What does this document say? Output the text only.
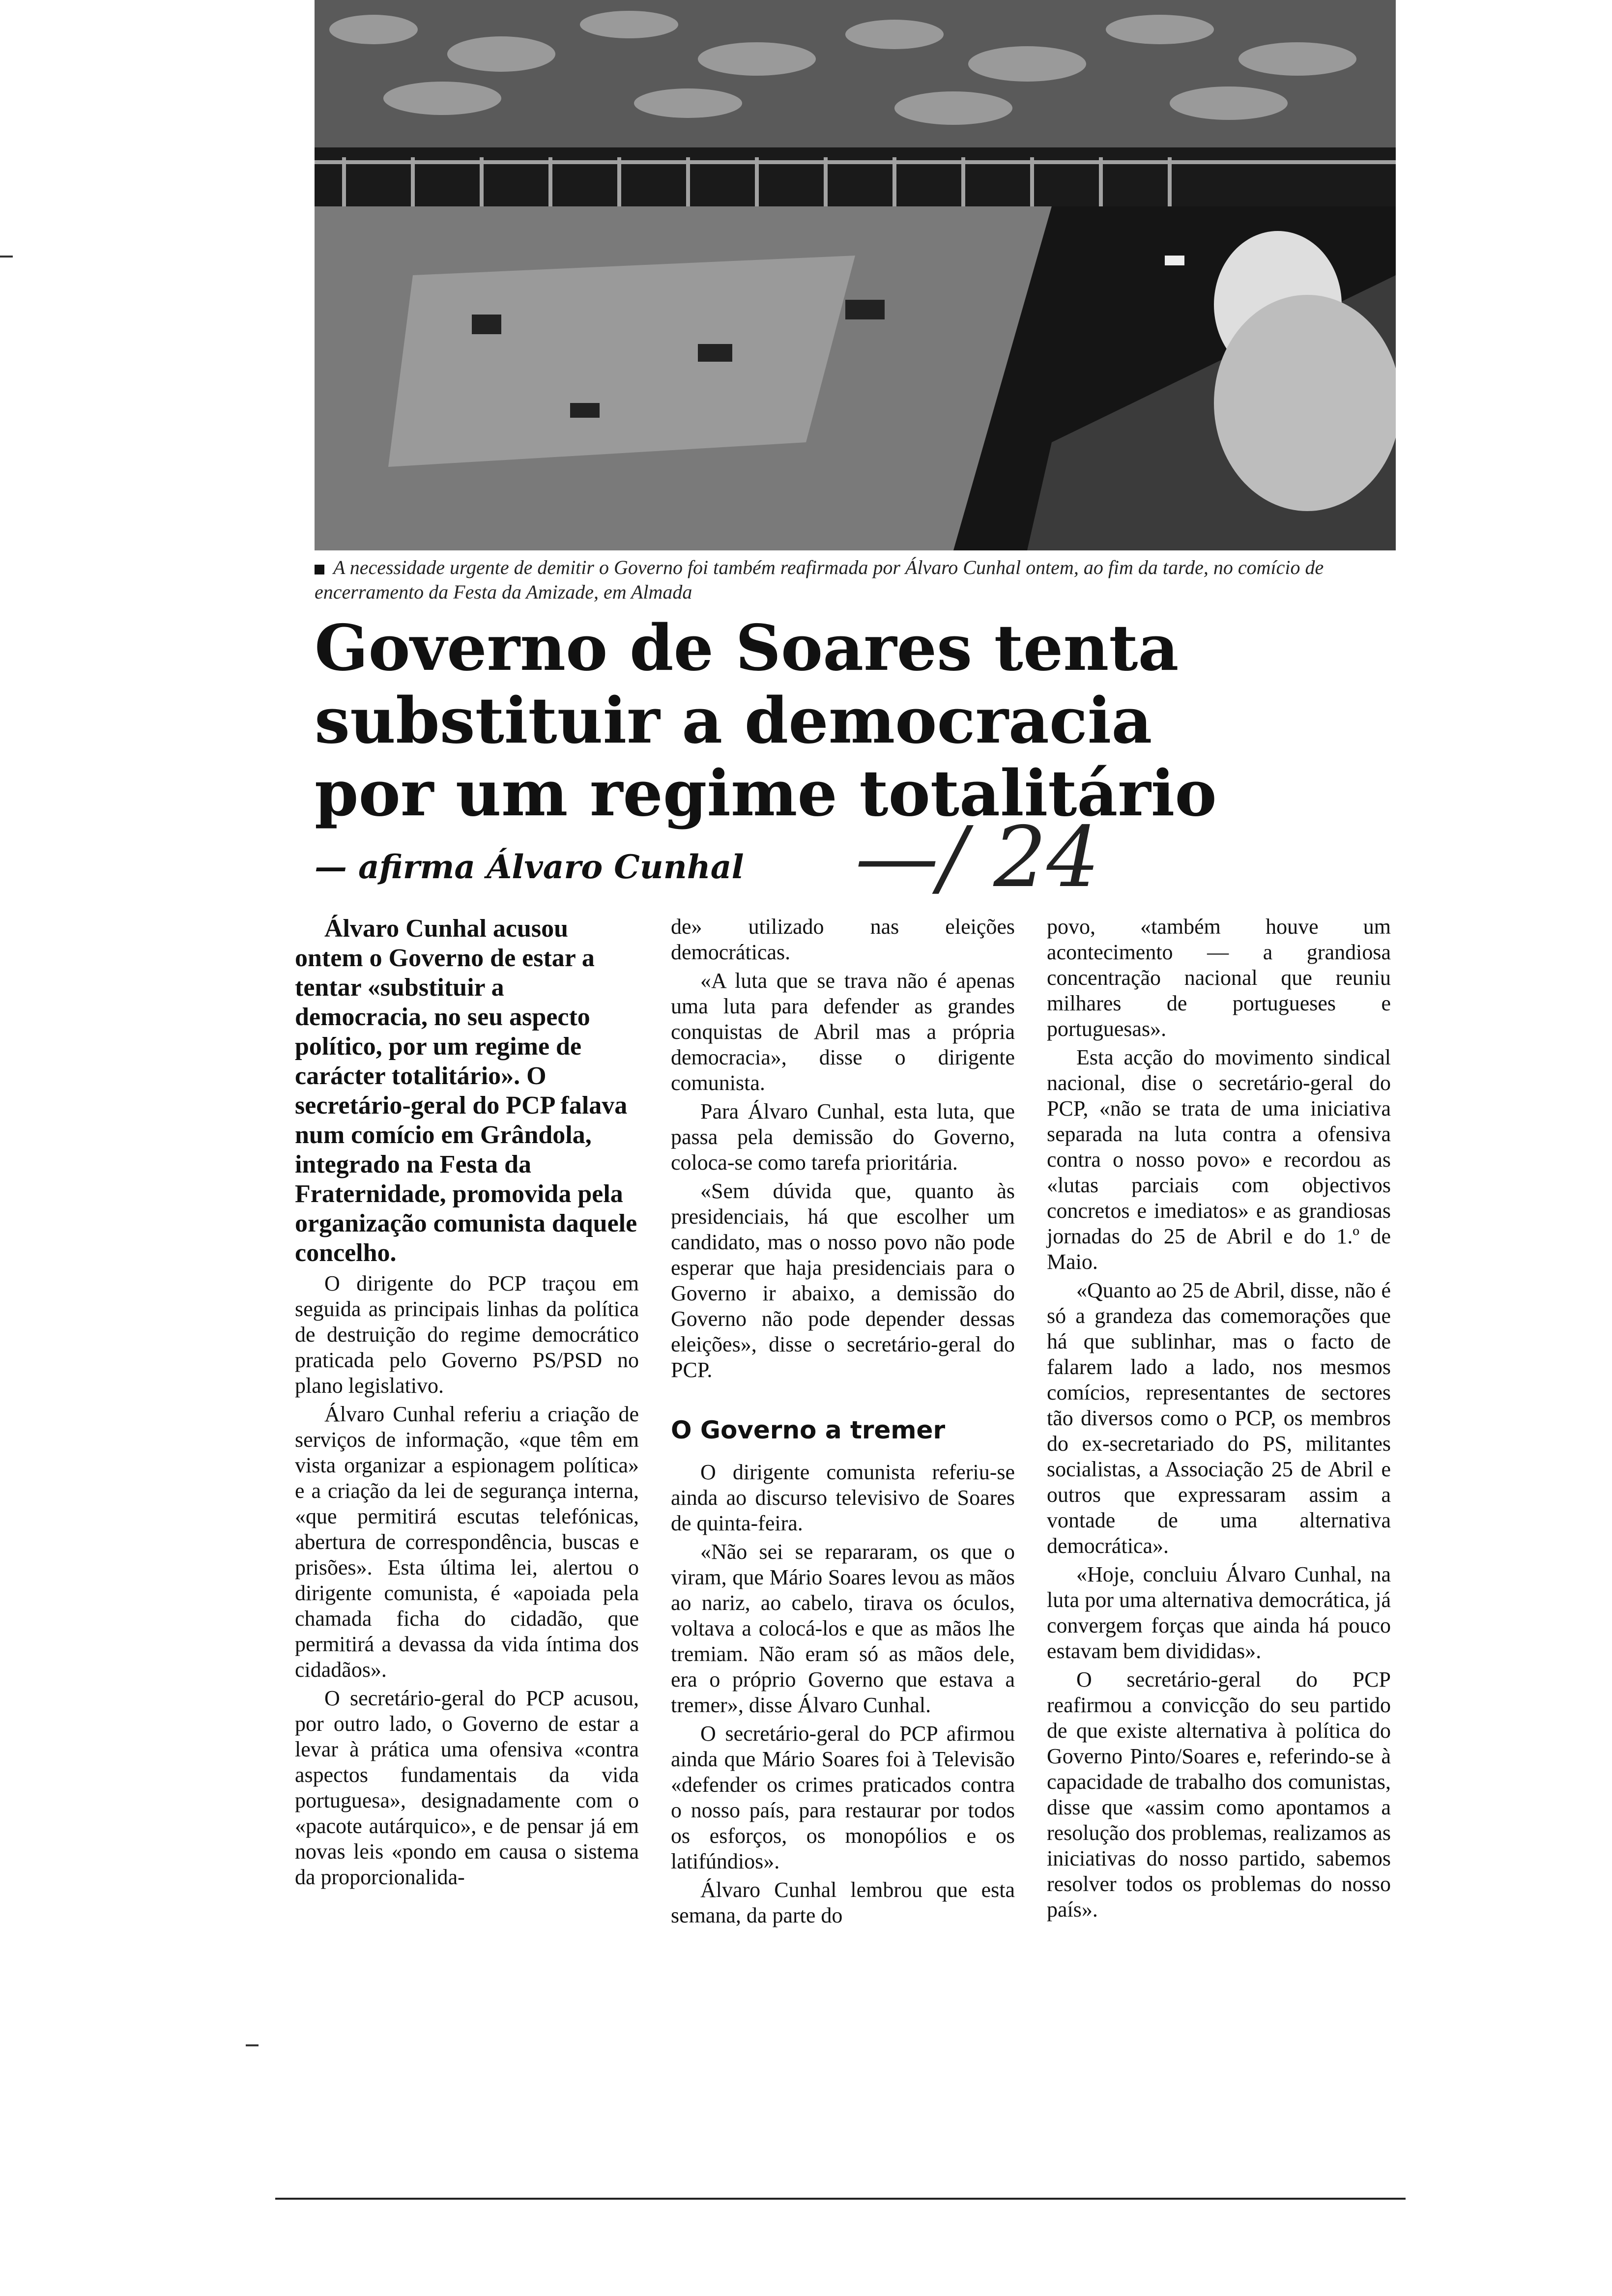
A necessidade urgente de demitir o Governo foi também reafirmada por Álvaro Cunhal ontem, ao fim da tarde, no comício de encerramento da Festa da Amizade, em Almada
Governo de Soares tenta
substituir a democracia
por um regime totalitário
— afirma Álvaro Cunhal —/ 24

Álvaro Cunhal acusou ontem o Governo de estar a tentar «substituir a democracia, no seu aspecto político, por um regime de carácter totalitário». O secretário-geral do PCP falava num comício em Grândola, integrado na Festa da Fraternidade, promovida pela organização comunista daquele concelho.

O dirigente do PCP traçou em seguida as principais linhas da política de destruição do regime democrático praticada pelo Governo PS/PSD no plano legislativo.

Álvaro Cunhal referiu a criação de serviços de informação, «que têm em vista organizar a espionagem política» e a criação da lei de segurança interna, «que permitirá escutas telefónicas, abertura de correspondência, buscas e prisões». Esta última lei, alertou o dirigente comunista, é «apoiada pela chamada ficha do cidadão, que permitirá a devassa da vida íntima dos cidadãos».

O secretário-geral do PCP acusou, por outro lado, o Governo de estar a levar à prática uma ofensiva «contra aspectos fundamentais da vida portuguesa», designadamente com o «pacote autárquico», e de pensar já em novas leis «pondo em causa o sistema da proporcionalida-

de» utilizado nas eleições democráticas.

«A luta que se trava não é apenas uma luta para defender as grandes conquistas de Abril mas a própria democracia», disse o dirigente comunista.

Para Álvaro Cunhal, esta luta, que passa pela demissão do Governo, coloca-se como tarefa prioritária.

«Sem dúvida que, quanto às presidenciais, há que escolher um candidato, mas o nosso povo não pode esperar que haja presidenciais para o Governo ir abaixo, a demissão do Governo não pode depender dessas eleições», disse o secretário-geral do PCP.

O Governo a tremer

O dirigente comunista referiu-se ainda ao discurso televisivo de Soares de quinta-feira.

«Não sei se repararam, os que o viram, que Mário Soares levou as mãos ao nariz, ao cabelo, tirava os óculos, voltava a colocá-los e que as mãos lhe tremiam. Não eram só as mãos dele, era o próprio Governo que estava a tremer», disse Álvaro Cunhal.

O secretário-geral do PCP afirmou ainda que Mário Soares foi à Televisão «defender os crimes praticados contra o nosso país, para restaurar por todos os esforços, os monopólios e os latifúndios».

Álvaro Cunhal lembrou que esta semana, da parte do

povo, «também houve um acontecimento — a grandiosa concentração nacional que reuniu milhares de portugueses e portuguesas».

Esta acção do movimento sindical nacional, dise o secretário-geral do PCP, «não se trata de uma iniciativa separada na luta contra a ofensiva contra o nosso povo» e recordou as «lutas parciais com objectivos concretos e imediatos» e as grandiosas jornadas do 25 de Abril e do 1.º de Maio.

«Quanto ao 25 de Abril, disse, não é só a grandeza das comemorações que há que sublinhar, mas o facto de falarem lado a lado, nos mesmos comícios, representantes de sectores tão diversos como o PCP, os membros do ex-secretariado do PS, militantes socialistas, a Associação 25 de Abril e outros que expressaram assim a vontade de uma alternativa democrática».

«Hoje, concluiu Álvaro Cunhal, na luta por uma alternativa democrática, já convergem forças que ainda há pouco estavam bem divididas».

O secretário-geral do PCP reafirmou a convicção do seu partido de que existe alternativa à política do Governo Pinto/Soares e, referindo-se à capacidade de trabalho dos comunistas, disse que «assim como apontamos a resolução dos problemas, realizamos as iniciativas do nosso partido, sabemos resolver todos os problemas do nosso país».
